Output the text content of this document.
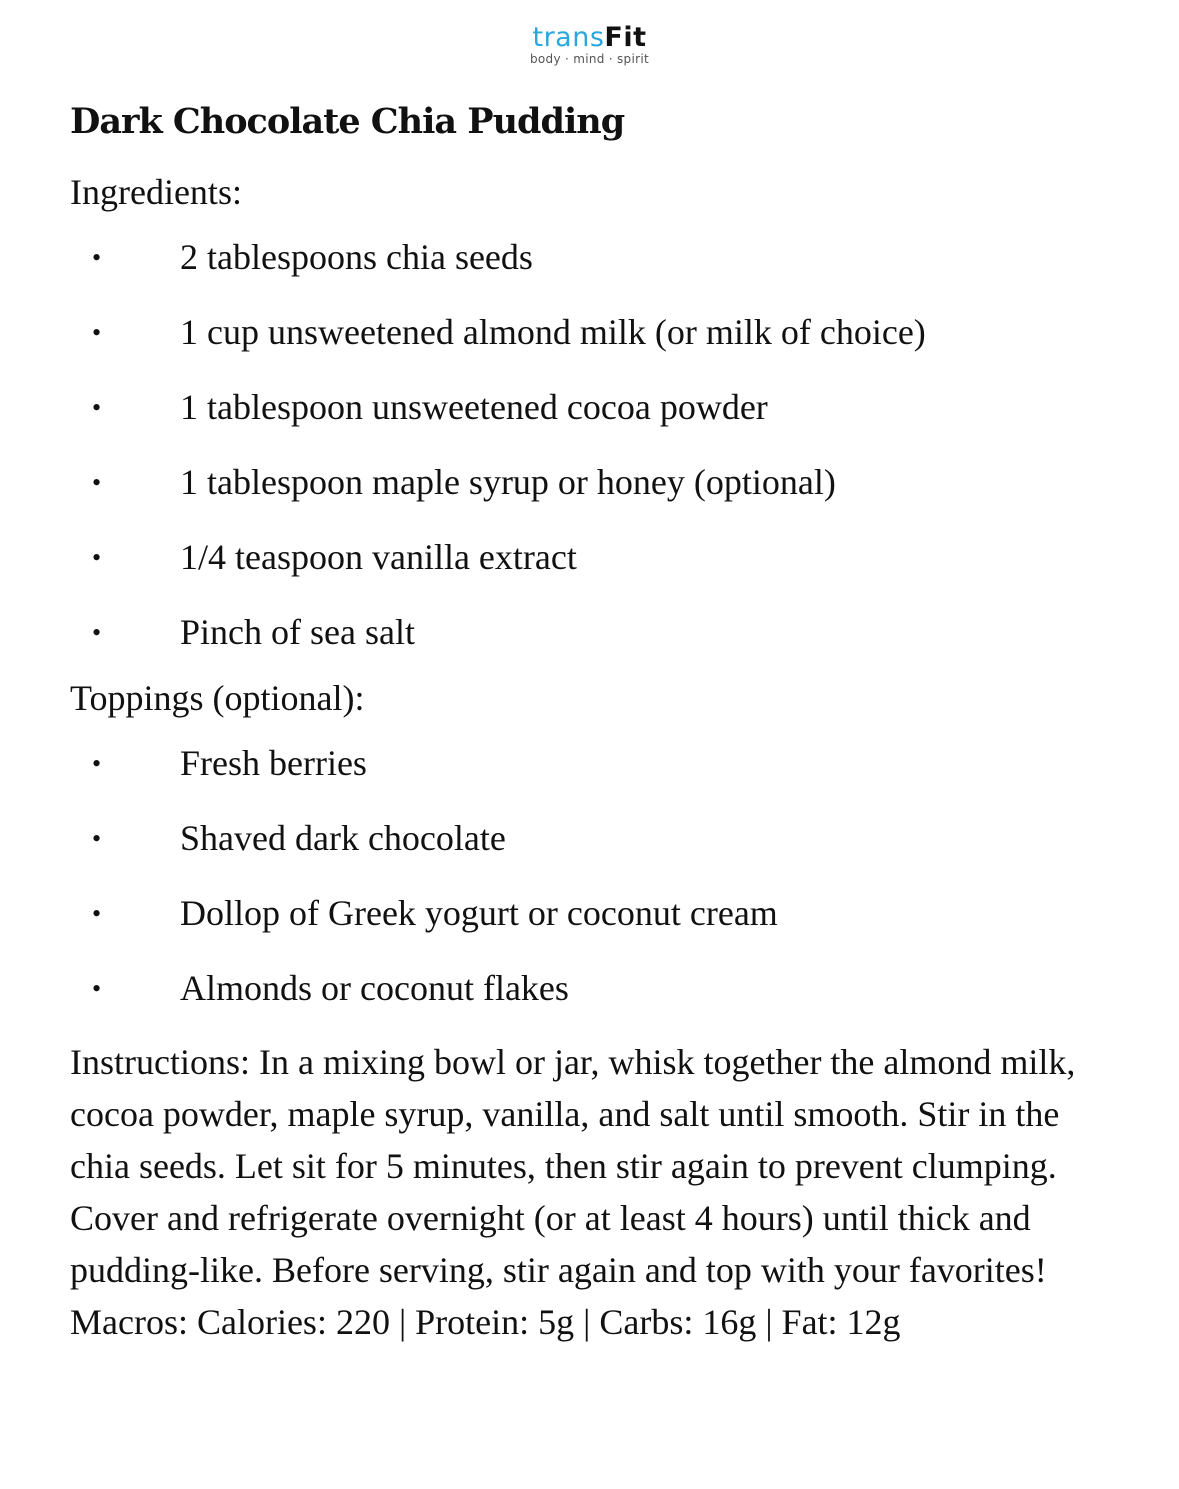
transFit
body · mind · spirit
Dark Chocolate Chia Pudding

Ingredients:

• 2 tablespoons chia seeds
• 1 cup unsweetened almond milk (or milk of choice)
• 1 tablespoon unsweetened cocoa powder
• 1 tablespoon maple syrup or honey (optional)
• 1/4 teaspoon vanilla extract
• Pinch of sea salt

Toppings (optional):

• Fresh berries
• Shaved dark chocolate
• Dollop of Greek yogurt or coconut cream
• Almonds or coconut flakes

Instructions: In a mixing bowl or jar, whisk together the almond milk, cocoa powder, maple syrup, vanilla, and salt until smooth. Stir in the chia seeds. Let sit for 5 minutes, then stir again to prevent clumping. Cover and refrigerate overnight (or at least 4 hours) until thick and pudding-like. Before serving, stir again and top with your favorites! Macros: Calories: 220 | Protein: 5g | Carbs: 16g | Fat: 12g
